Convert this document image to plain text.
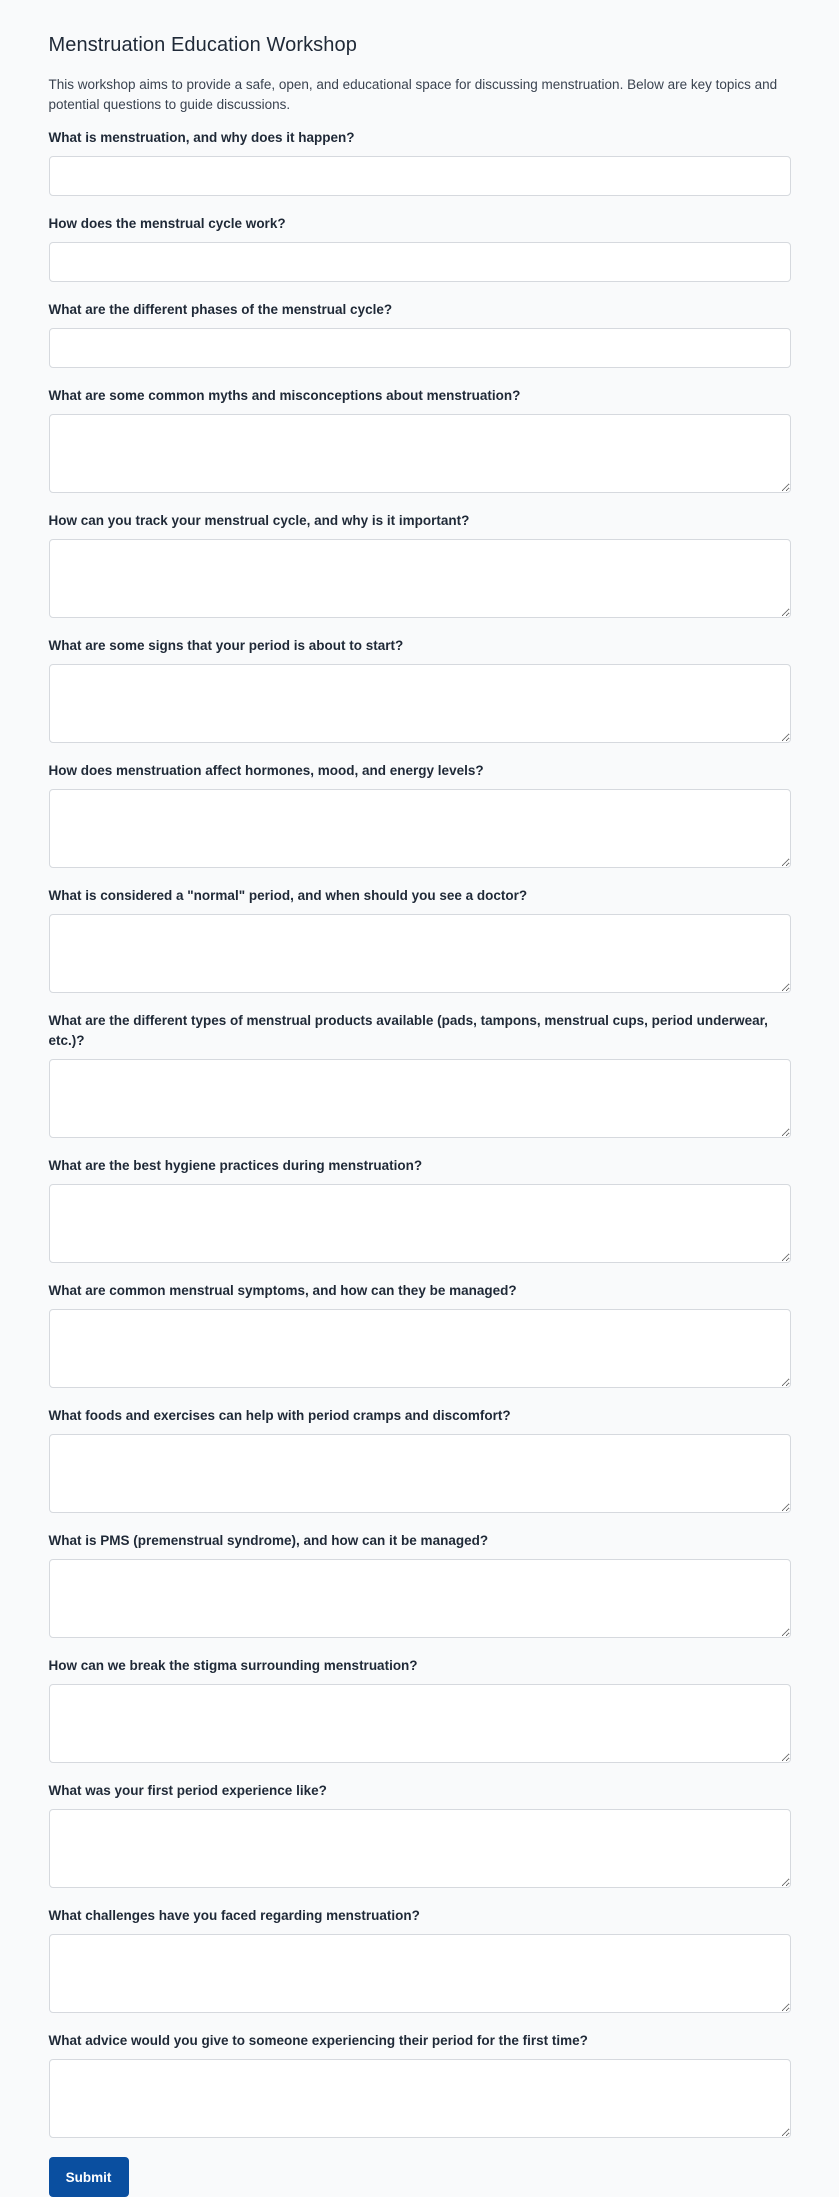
Menstruation Education Workshop

This workshop aims to provide a safe, open, and educational space for discussing menstruation. Below are key topics and potential questions to guide discussions.

What is menstruation, and why does it happen?
How does the menstrual cycle work?
What are the different phases of the menstrual cycle?
What are some common myths and misconceptions about menstruation?
How can you track your menstrual cycle, and why is it important?
What are some signs that your period is about to start?
How does menstruation affect hormones, mood, and energy levels?
What is considered a "normal" period, and when should you see a doctor?
What are the different types of menstrual products available (pads, tampons, menstrual cups, period underwear, etc.)?
What are the best hygiene practices during menstruation?
What are common menstrual symptoms, and how can they be managed?
What foods and exercises can help with period cramps and discomfort?
What is PMS (premenstrual syndrome), and how can it be managed?
How can we break the stigma surrounding menstruation?
What was your first period experience like?
What challenges have you faced regarding menstruation?
What advice would you give to someone experiencing their period for the first time?
Submit
